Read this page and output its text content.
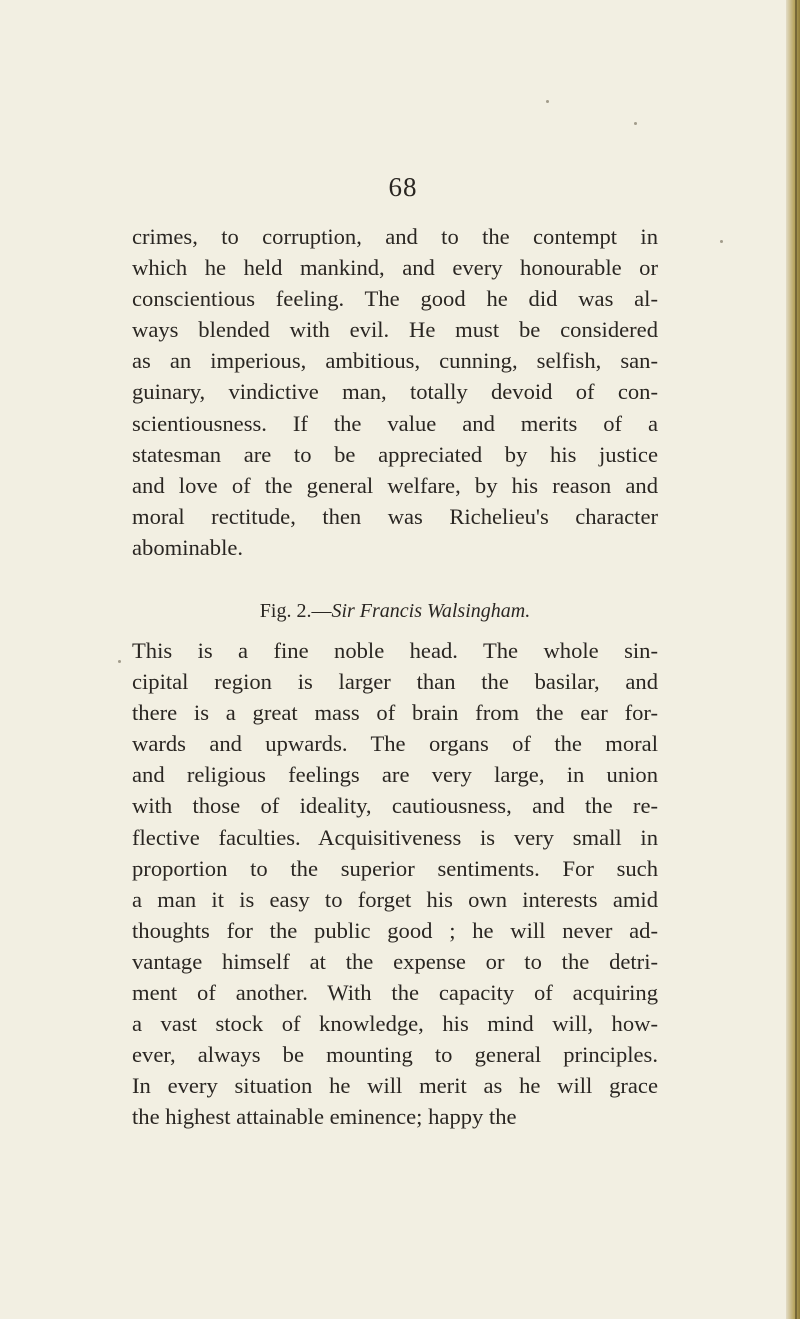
68
crimes, to corruption, and to the contempt in
which he held mankind, and every honourable or
conscientious feeling. The good he did was al-
ways blended with evil. He must be considered
as an imperious, ambitious, cunning, selfish, san-
guinary, vindictive man, totally devoid of con-
scientiousness. If the value and merits of a
statesman are to be appreciated by his justice
and love of the general welfare, by his reason and
moral rectitude, then was Richelieu's character
abominable.
Fig. 2.—Sir Francis Walsingham.
This is a fine noble head. The whole sin-
cipital region is larger than the basilar, and
there is a great mass of brain from the ear for-
wards and upwards. The organs of the moral
and religious feelings are very large, in union
with those of ideality, cautiousness, and the re-
flective faculties. Acquisitiveness is very small in
proportion to the superior sentiments. For such
a man it is easy to forget his own interests amid
thoughts for the public good ; he will never ad-
vantage himself at the expense or to the detri-
ment of another. With the capacity of acquiring
a vast stock of knowledge, his mind will, how-
ever, always be mounting to general principles.
In every situation he will merit as he will grace
the highest attainable eminence; happy the
